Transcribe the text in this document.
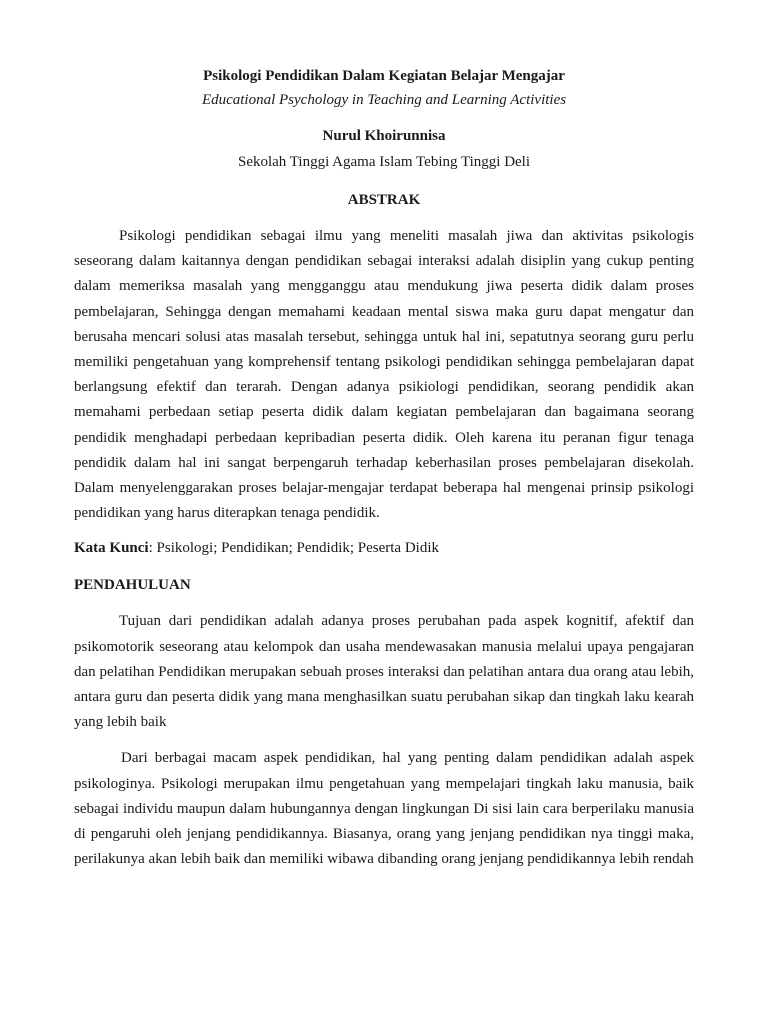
Psikologi Pendidikan Dalam Kegiatan Belajar Mengajar

Educational Psychology in Teaching and Learning Activities

Nurul Khoirunnisa

Sekolah Tinggi Agama Islam Tebing Tinggi Deli

ABSTRAK

Psikologi pendidikan sebagai ilmu yang meneliti masalah jiwa dan aktivitas psikologis seseorang dalam kaitannya dengan pendidikan sebagai interaksi adalah disiplin yang cukup penting dalam memeriksa masalah yang mengganggu atau mendukung jiwa peserta didik dalam proses pembelajaran, Sehingga dengan memahami keadaan mental siswa maka guru dapat mengatur dan berusaha mencari solusi atas masalah tersebut, sehingga untuk hal ini, sepatutnya seorang guru perlu memiliki pengetahuan yang komprehensif tentang psikologi pendidikan sehingga pembelajaran dapat berlangsung efektif dan terarah. Dengan adanya psikiologi pendidikan, seorang pendidik akan memahami perbedaan setiap peserta didik dalam kegiatan pembelajaran dan bagaimana seorang pendidik menghadapi perbedaan kepribadian peserta didik. Oleh karena itu peranan figur tenaga pendidik dalam hal ini sangat berpengaruh terhadap keberhasilan proses pembelajaran disekolah. Dalam menyelenggarakan proses belajar-mengajar terdapat beberapa hal mengenai prinsip psikologi pendidikan yang harus diterapkan tenaga pendidik.

Kata Kunci: Psikologi; Pendidikan; Pendidik; Peserta Didik

PENDAHULUAN

Tujuan dari pendidikan adalah adanya proses perubahan pada aspek kognitif, afektif dan psikomotorik seseorang atau kelompok dan usaha mendewasakan manusia melalui upaya pengajaran dan pelatihan Pendidikan merupakan sebuah proses interaksi dan pelatihan antara dua orang atau lebih, antara guru dan peserta didik yang mana menghasilkan suatu perubahan sikap dan tingkah laku kearah yang lebih baik

Dari berbagai macam aspek pendidikan, hal yang penting dalam pendidikan adalah aspek psikologinya. Psikologi merupakan ilmu pengetahuan yang mempelajari tingkah laku manusia, baik sebagai individu maupun dalam hubungannya dengan lingkungan Di sisi lain cara berperilaku manusia di pengaruhi oleh jenjang pendidikannya. Biasanya, orang yang jenjang pendidikan nya tinggi maka, perilakunya akan lebih baik dan memiliki wibawa dibanding orang jenjang pendidikannya lebih rendah
